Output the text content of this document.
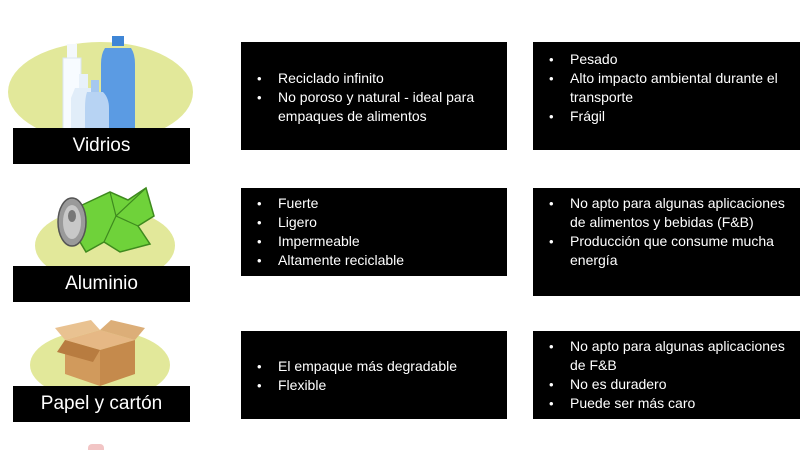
Vidrios
• Reciclado infinito
• No poroso y natural - ideal para empaques de alimentos
• Pesado
• Alto impacto ambiental durante el transporte
• Frágil
Aluminio
• Fuerte
• Ligero
• Impermeable
• Altamente reciclable
• No apto para algunas aplicaciones de alimentos y bebidas (F&B)
• Producción que consume mucha energía
Papel y cartón
• El empaque más degradable
• Flexible
• No apto para algunas aplicaciones de F&B
• No es duradero
• Puede ser más caro
